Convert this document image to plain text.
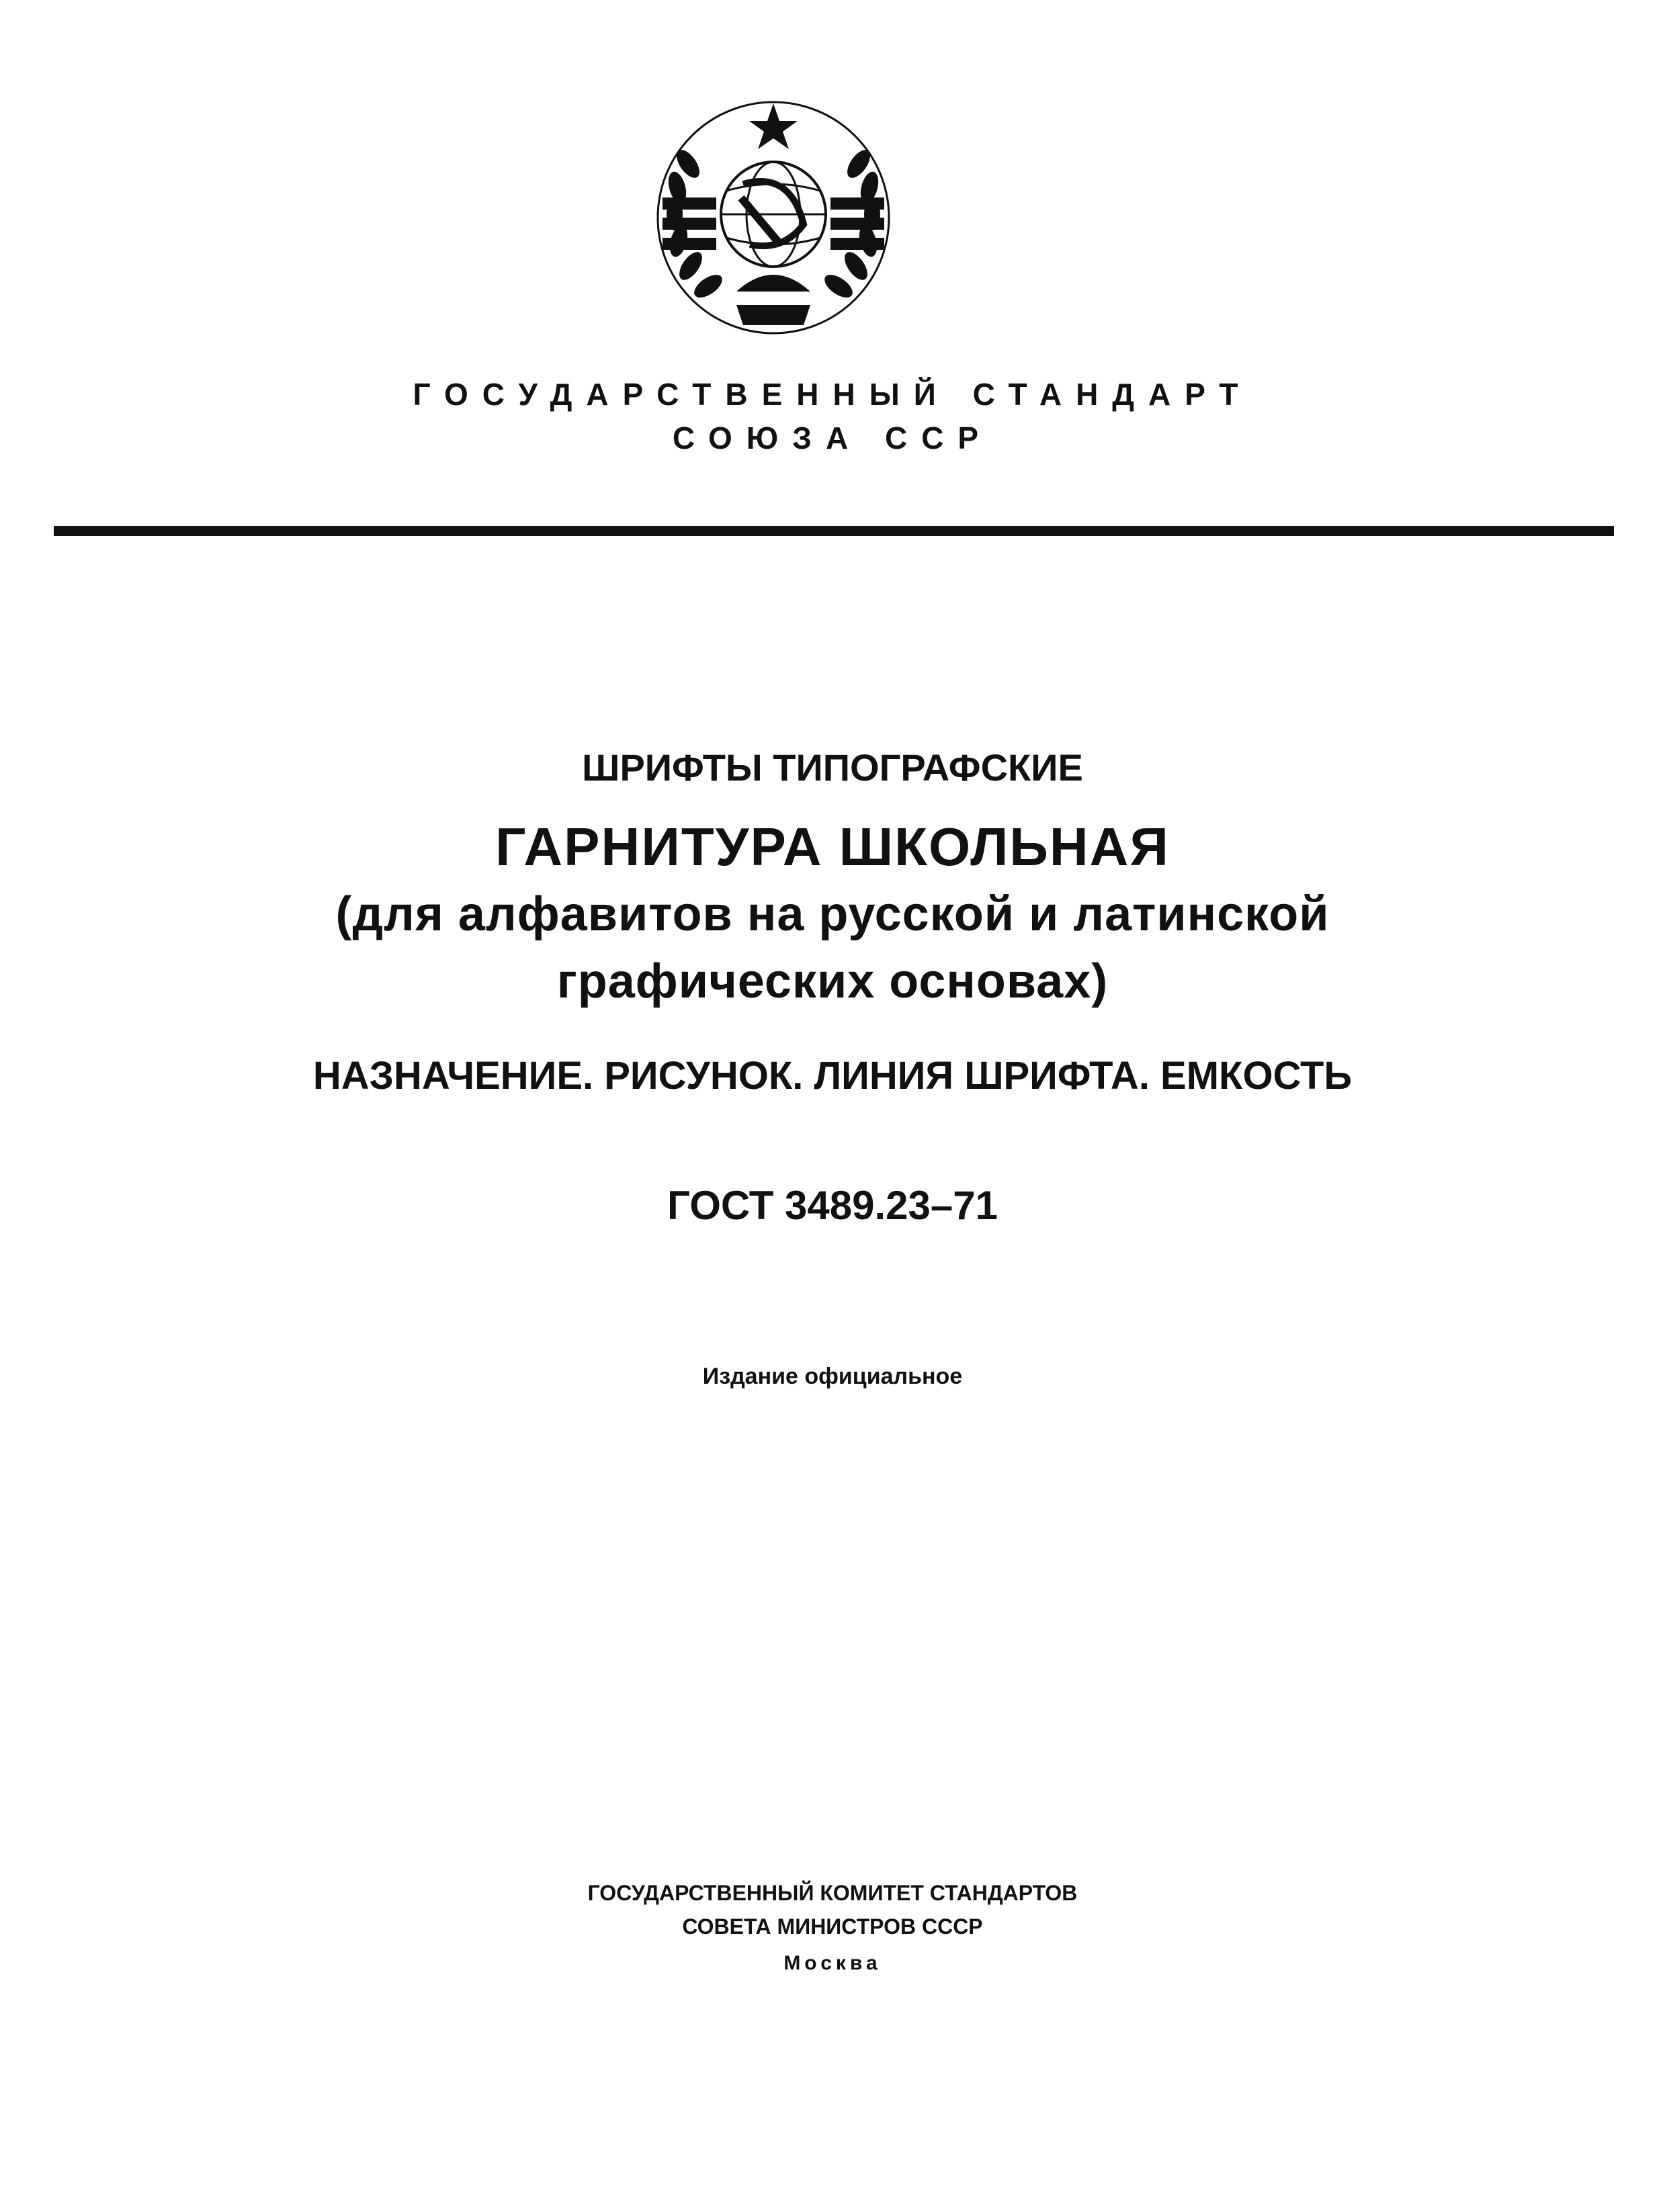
ГОСУДАРСТВЕННЫЙ СТАНДАРТ
СОЮЗА ССР
ШРИФТЫ ТИПОГРАФСКИЕ
ГАРНИТУРА ШКОЛЬНАЯ
(для алфавитов на русской и латинской
графических основах)
НАЗНАЧЕНИЕ. РИСУНОК. ЛИНИЯ ШРИФТА. ЕМКОСТЬ
ГОСТ 3489.23–71
Издание официальное
ГОСУДАРСТВЕННЫЙ КОМИТЕТ СТАНДАРТОВ
СОВЕТА МИНИСТРОВ СССР
Москва
